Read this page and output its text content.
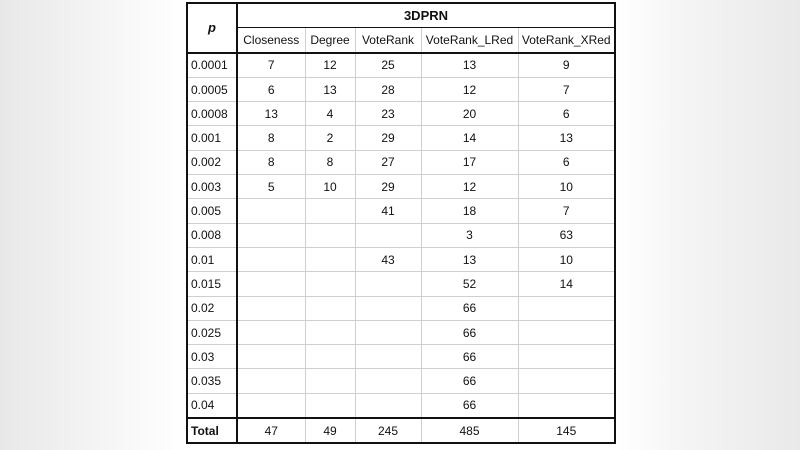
p	3DPRN				
	Closeness	Degree	VoteRank	VoteRank_LRed	VoteRank_XRed
0.0001	7	12	25	13	9
0.0005	6	13	28	12	7
0.0008	13	4	23	20	6
0.001	8	2	29	14	13
0.002	8	8	27	17	6
0.003	5	10	29	12	10
0.005			41	18	7
0.008				3	63
0.01			43	13	10
0.015				52	14
0.02				66	
0.025				66	
0.03				66	
0.035				66	
0.04				66	
Total	47	49	245	485	145
